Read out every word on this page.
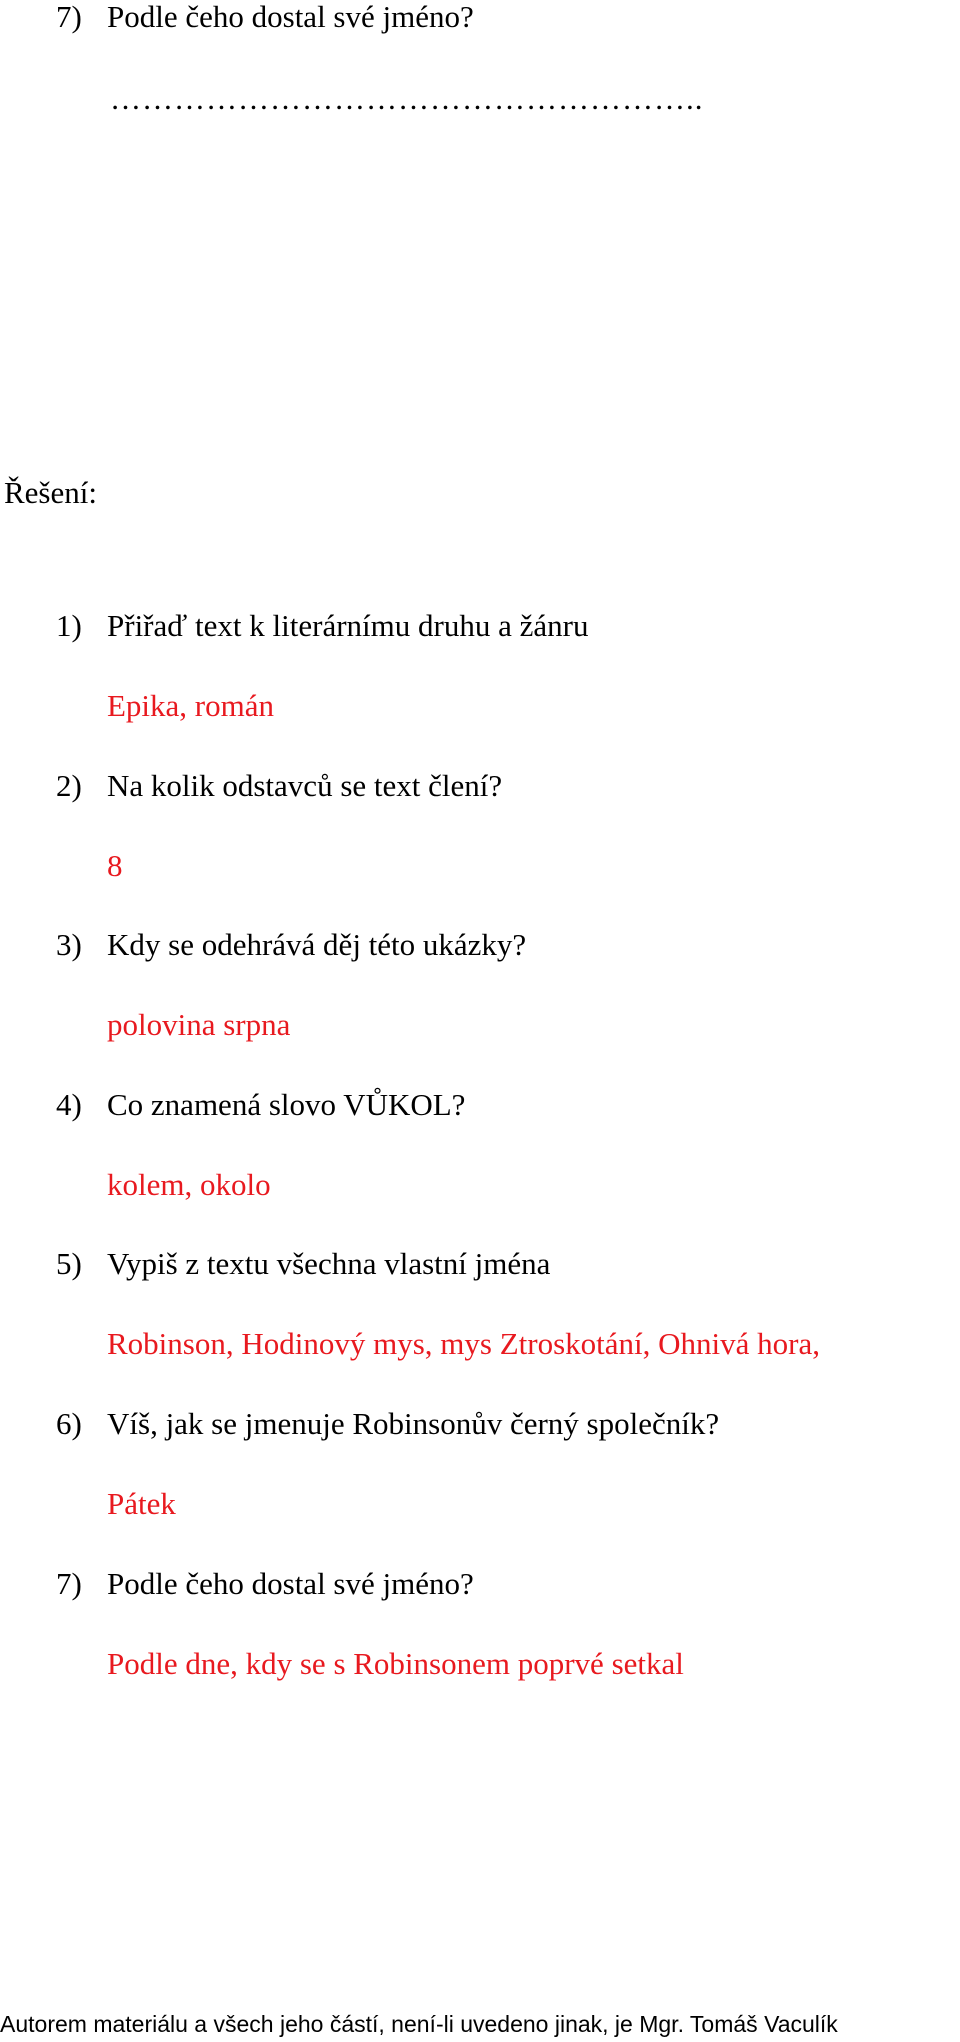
7) Podle čeho dostal své jméno?
………………………………………………..
Řešení:
1) Přiřaď text k literárnímu druhu a žánru
Epika, román
2) Na kolik odstavců se text člení?
8
3) Kdy se odehrává děj této ukázky?
polovina srpna
4) Co znamená slovo VŮKOL?
kolem, okolo
5) Vypiš z textu všechna vlastní jména
Robinson, Hodinový mys, mys Ztroskotání, Ohnivá hora,
6) Víš, jak se jmenuje Robinsonův černý společník?
Pátek
7) Podle čeho dostal své jméno?
Podle dne, kdy se s Robinsonem poprvé setkal
Autorem materiálu a všech jeho částí, není-li uvedeno jinak, je Mgr. Tomáš Vaculík
